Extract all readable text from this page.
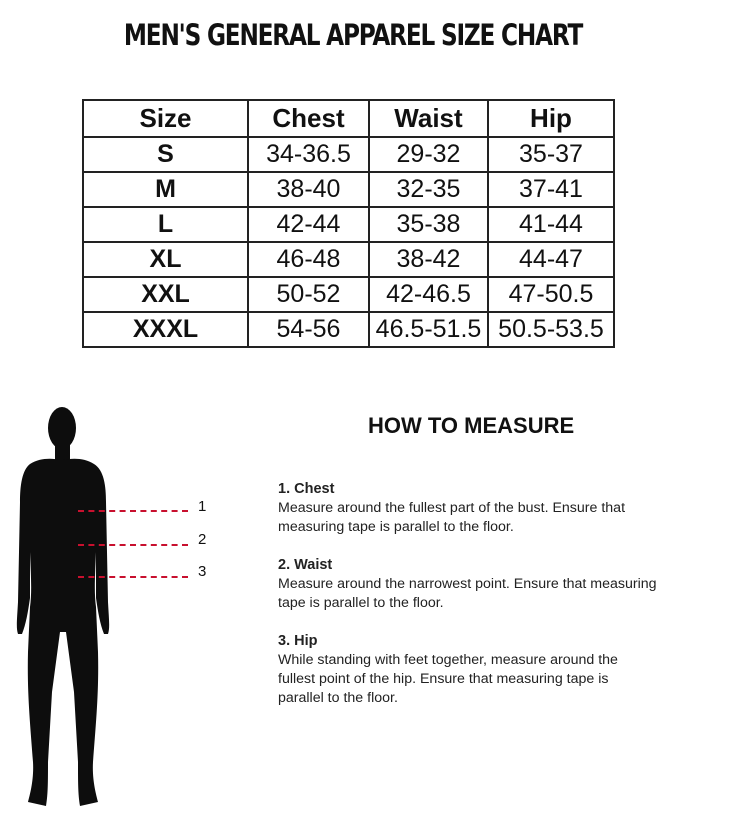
MEN'S GENERAL APPAREL SIZE CHART
Size	Chest	Waist	Hip
S	34-36.5	29-32	35-37
M	38-40	32-35	37-41
L	42-44	35-38	41-44
XL	46-48	38-42	44-47
XXL	50-52	42-46.5	47-50.5
XXXL	54-56	46.5-51.5	50.5-53.5
1
2
3
HOW TO MEASURE
1. Chest
Measure around the fullest part of the bust. Ensure that
measuring tape is parallel to the floor.
2. Waist
Measure around the narrowest point. Ensure that measuring
tape is parallel to the floor.
3. Hip
While standing with feet together, measure around the
fullest point of the hip. Ensure that measuring tape is
parallel to the floor.
